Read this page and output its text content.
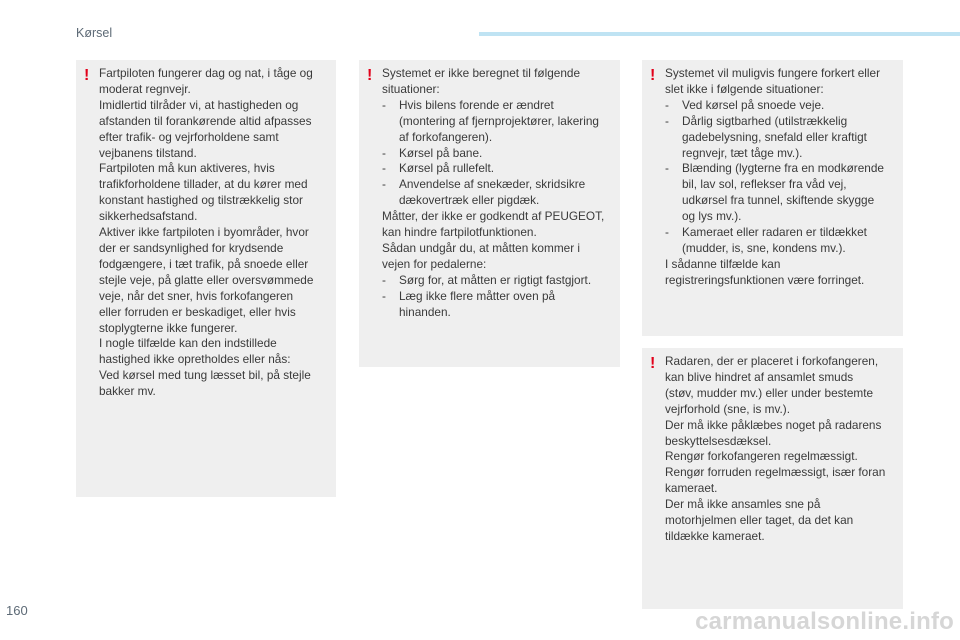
Kørsel
! Fartpiloten fungerer dag og nat, i tåge og
moderat regnvejr.
Imidlertid tilråder vi, at hastigheden og
afstanden til forankørende altid afpasses
efter trafik- og vejrforholdene samt
vejbanens tilstand.
Fartpiloten må kun aktiveres, hvis
trafikforholdene tillader, at du kører med
konstant hastighed og tilstrækkelig stor
sikkerhedsafstand.
Aktiver ikke fartpiloten i byområder, hvor
der er sandsynlighed for krydsende
fodgængere, i tæt trafik, på snoede eller
stejle veje, på glatte eller oversvømmede
veje, når det sner, hvis forkofangeren
eller forruden er beskadiget, eller hvis
stoplygterne ikke fungerer.
I nogle tilfælde kan den indstillede
hastighed ikke opretholdes eller nås:
Ved kørsel med tung læsset bil, på stejle
bakker mv.
! Systemet er ikke beregnet til følgende
situationer:
- Hvis bilens forende er ændret
(montering af fjernprojektører, lakering
af forkofangeren).
- Kørsel på bane.
- Kørsel på rullefelt.
- Anvendelse af snekæder, skridsikre
dækovertræk eller pigdæk.
Måtter, der ikke er godkendt af PEUGEOT,
kan hindre fartpilotfunktionen.
Sådan undgår du, at måtten kommer i
vejen for pedalerne:
- Sørg for, at måtten er rigtigt fastgjort.
- Læg ikke flere måtter oven på
hinanden.
! Systemet vil muligvis fungere forkert eller
slet ikke i følgende situationer:
- Ved kørsel på snoede veje.
- Dårlig sigtbarhed (utilstrækkelig
gadebelysning, snefald eller kraftigt
regnvejr, tæt tåge mv.).
- Blænding (lygterne fra en modkørende
bil, lav sol, reflekser fra våd vej,
udkørsel fra tunnel, skiftende skygge
og lys mv.).
- Kameraet eller radaren er tildækket
(mudder, is, sne, kondens mv.).
I sådanne tilfælde kan
registreringsfunktionen være forringet.
! Radaren, der er placeret i forkofangeren,
kan blive hindret af ansamlet smuds
(støv, mudder mv.) eller under bestemte
vejrforhold (sne, is mv.).
Der må ikke påklæbes noget på radarens
beskyttelsesdæksel.
Rengør forkofangeren regelmæssigt.
Rengør forruden regelmæssigt, især foran
kameraet.
Der må ikke ansamles sne på
motorhjelmen eller taget, da det kan
tildække kameraet.
160	carmanualsonline.info
